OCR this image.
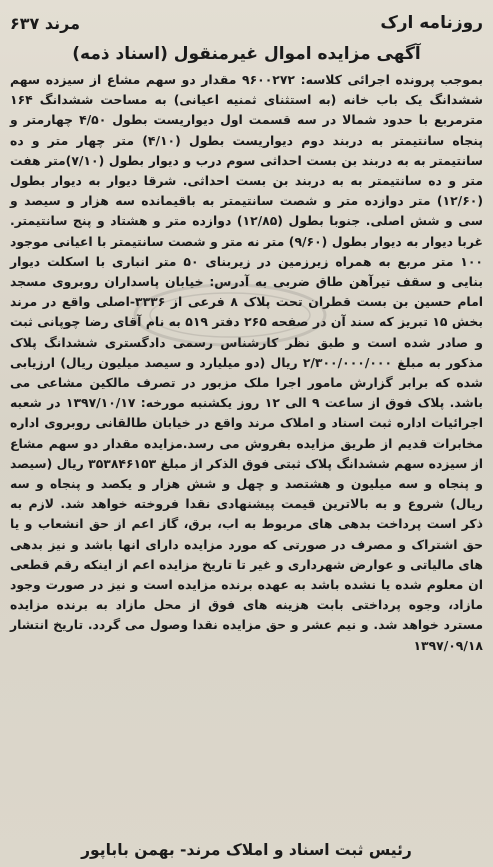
روزنامه ارک
مرند ۶۳۷
آگهی مزایده اموال غیرمنقول (اسناد ذمه)
بموجب پرونده اجرائی کلاسه: ۹۶۰۰۲۷۲ مقدار دو سهم مشاع از سیزده سهم ششدانگ یک باب خانه (به استثنای ثمنیه اعیانی) به مساحت ششدانگ ۱۶۴ مترمربع با حدود شمالا در سه قسمت اول دیواریست بطول ۴/۵۰ چهارمتر و پنجاه سانتیمتر به دربند دوم دیواریست بطول (۴/۱۰) متر چهار متر و ده سانتیمتر به به دربند بن بست احداثی سوم درب و دیوار بطول (۷/۱۰)متر هفت متر و ده سانتیمتر به به دربند بن بست احداثی. شرقا دیوار به دیوار بطول (۱۲/۶۰) متر دوازده متر و شصت سانتیمتر به باقیمانده سه هزار و سیصد و سی و شش اصلی. جنوبا بطول (۱۲/۸۵) دوازده متر و هشتاد و پنج سانتیمتر. غربا دیوار به دیوار بطول (۹/۶۰) متر نه متر و شصت سانتیمتر با اعیانی موجود ۱۰۰ متر مربع به همراه زیرزمین در زیربنای ۵۰ متر انباری با اسکلت دیوار بنایی و سقف تیرآهن طاق ضربی به آدرس: خیابان پاسداران روبروی مسجد امام حسین بن بست قطران تحت پلاک ۸ فرعی از ۳۳۳۶-اصلی واقع در مرند بخش ۱۵ تبریز که سند آن در صفحه ۲۶۵ دفتر ۵۱۹ به نام آقای رضا چوپانی ثبت و صادر شده است و طبق نظر کارشناس رسمی دادگستری ششدانگ پلاک مذکور به مبلغ ۲/۳۰۰/۰۰۰/۰۰۰ ریال (دو میلیارد و سیصد میلیون ریال) ارزیابی شده که برابر گزارش مامور اجرا ملک مزبور در تصرف مالکین مشاعی می باشد. پلاک فوق از ساعت ۹ الی ۱۲ روز یکشنبه مورخه: ۱۳۹۷/۱۰/۱۷ در شعبه اجرائیات اداره ثبت اسناد و املاک مرند واقع در خیابان طالقانی روبروی اداره مخابرات قدیم از طریق مزایده بفروش می رسد.مزایده مقدار دو سهم مشاع از سیزده سهم ششدانگ پلاک ثبتی فوق الذکر از مبلغ ۳۵۳۸۴۶۱۵۳ ریال (سیصد و پنجاه و سه میلیون و هشتصد و چهل و شش هزار و یکصد و پنجاه و سه ریال) شروع و به بالاترین قیمت پیشنهادی نقدا فروخته خواهد شد. لازم به ذکر است پرداخت بدهی های مربوط به اب، برق، گاز اعم از حق انشعاب و یا حق اشتراک و مصرف در صورتی که مورد مزایده دارای انها باشد و نیز بدهی های مالیاتی و عوارض شهرداری و غیر تا تاریخ مزایده اعم از اینکه رقم قطعی ان معلوم شده یا نشده باشد به عهده برنده مزایده است و نیز در صورت وجود مازاد، وجوه پرداختی بابت هزینه های فوق از محل مازاد به برنده مزایده مسترد خواهد شد. و نیم عشر و حق مزایده نقدا وصول می گردد. تاریخ انتشار ۱۳۹۷/۰۹/۱۸
رئیس ثبت اسناد و املاک مرند- بهمن باباپور
